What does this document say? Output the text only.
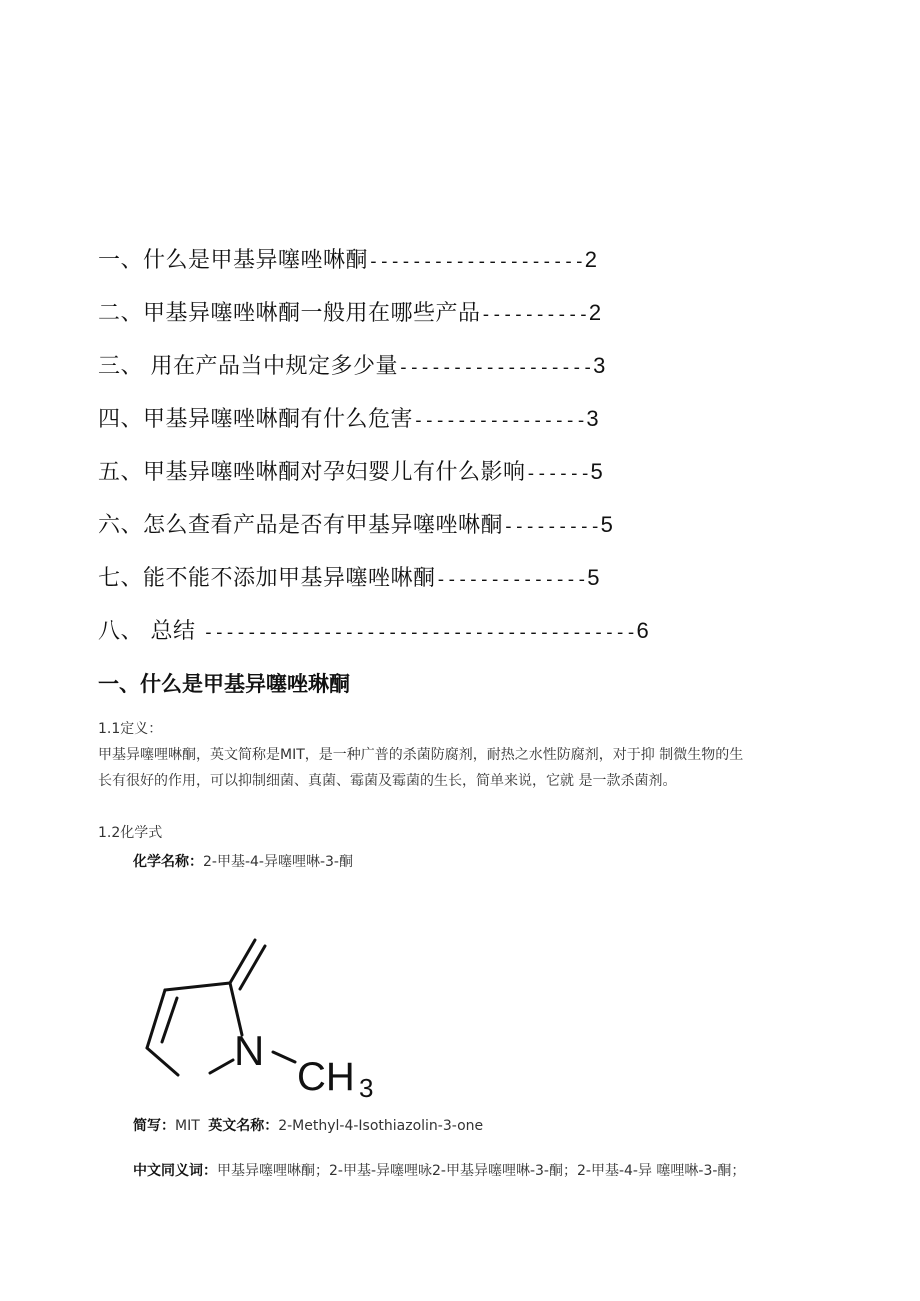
一、什么是甲基异噻唑啉酮--------------------2
二、甲基异噻唑啉酮一般用在哪些产品----------2
三、 用在产品当中规定多少量------------------3
四、甲基异噻唑啉酮有什么危害----------------3
五、甲基异噻唑啉酮对孕妇婴儿有什么影响------5
六、怎么查看产品是否有甲基异噻唑啉酮---------5
七、能不能不添加甲基异噻唑啉酮--------------5
八、 总结 ----------------------------------------6
一、什么是甲基异噻唑琳酮
1.1定义：
甲基异噻哩啉酮，英文简称是MIT，是一种广普的杀菌防腐剂，耐热之水性防腐剂，对于抑 制微生物的生
长有很好的作用，可以抑制细菌、真菌、霉菌及霉菌的生长，简单来说，它就 是一款杀菌剂。
1.2化学式
化学名称：2-甲基-4-异噻哩啉-3-酮
N
CH 3
简写：MIT 英文名称：2-Methyl-4-Isothiazolin-3-one
中文同义词：甲基异噻哩啉酮；2-甲基-异噻哩咏2-甲基异噻哩啉-3-酮；2-甲基-4-异 噻哩啉-3-酮；
